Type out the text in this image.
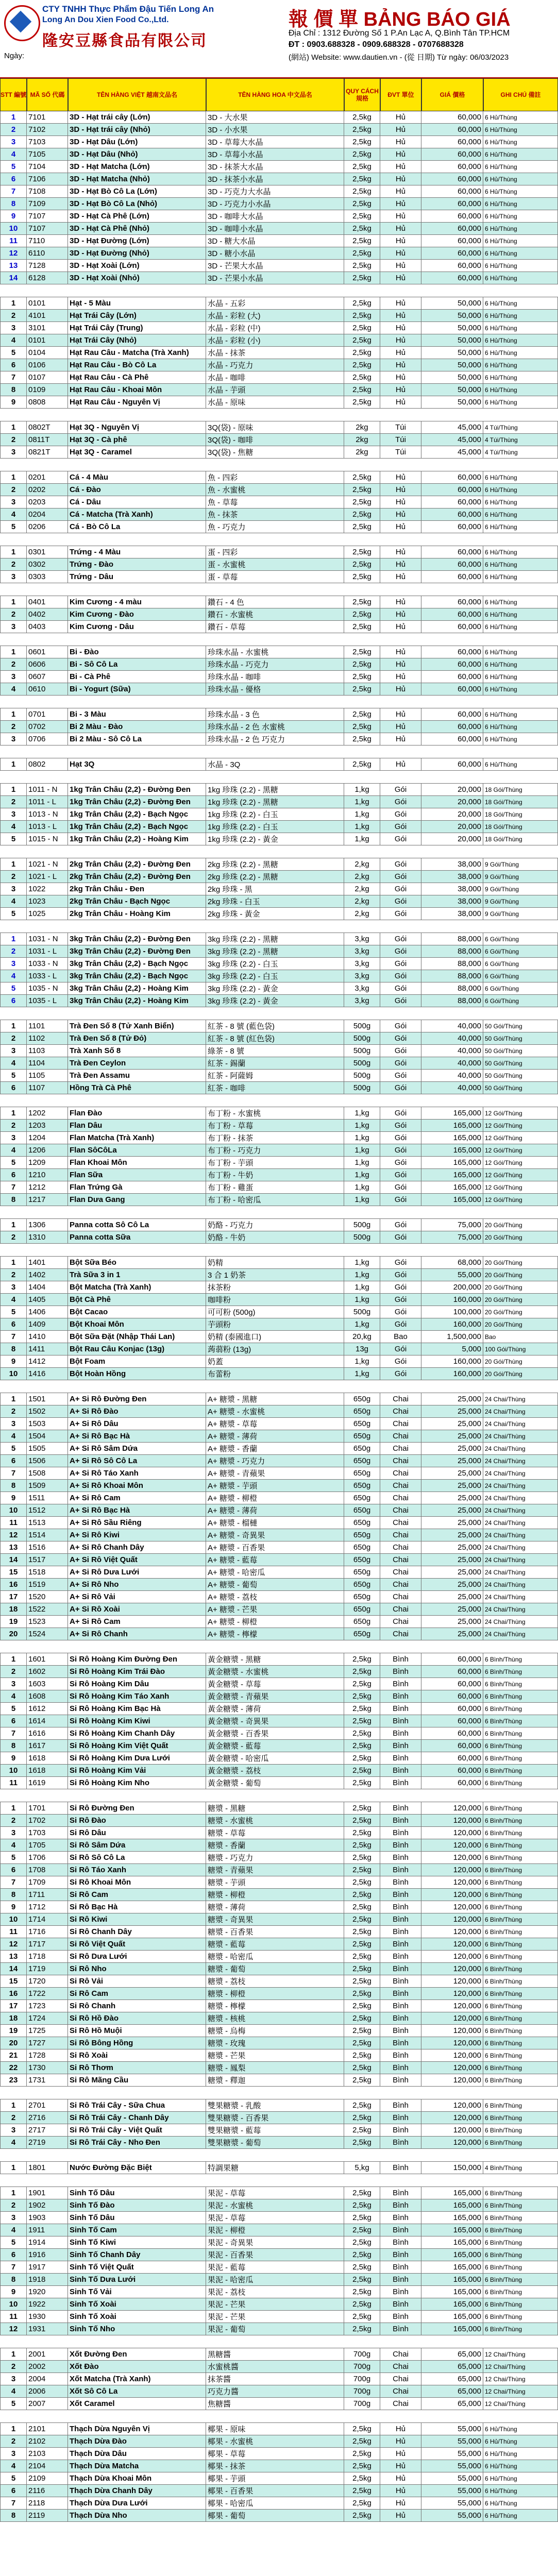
CTY TNHH Thực Phẩm Đậu Tiến Long An
Long An Dou Xien Food Co.,Ltd.
隆安豆縣食品有限公司
報 價 單 BẢNG BÁO GIÁ
Địa Chỉ : 1312 Đường Số 1 P.An Lạc A, Q.Bình Tân TP.HCM
ĐT : 0903.688328 - 0909.688328 - 0707688328
(網站) Website: www.dautien.vn - (從 日期) Từ ngày: 06/03/2023
Ngày:
STT 編號 MÃ SỐ 代碼	TÊN HÀNG VIỆT 越南文品名	TÊN HÀNG HOA 中文品名	QUY CÁCH 規格	ĐVT 單位	GIÁ 價格	GHI CHÚ 備註
1	7101	3D - Hạt trái cây (Lớn)	3D - 大水果	2,5kg	Hủ	60,000 6 Hủ/Thùng
2	7102	3D - Hạt trái cây (Nhỏ)	3D - 小水果	2,5kg	Hủ	60,000 6 Hủ/Thùng
3	7103	3D - Hạt Dâu (Lớn)	3D - 草莓大水晶	2,5kg	Hủ	60,000 6 Hủ/Thùng
4	7105	3D - Hạt Dâu (Nhỏ)	3D - 草莓小水晶	2,5kg	Hủ	60,000 6 Hủ/Thùng
5	7104	3D - Hạt Matcha (Lớn)	3D - 抹茶大水晶	2,5kg	Hủ	60,000 6 Hủ/Thùng
6	7106	3D - Hạt Matcha (Nhỏ)	3D - 抹茶小水晶	2,5kg	Hủ	60,000 6 Hủ/Thùng
7	7108	3D - Hạt Bò Cô La (Lớn)	3D - 巧克力大水晶	2,5kg	Hủ	60,000 6 Hủ/Thùng
8	7109	3D - Hạt Bò Cô La (Nhỏ)	3D - 巧克力小水晶	2,5kg	Hủ	60,000 6 Hủ/Thùng
9	7107	3D - Hạt Cà Phê (Lớn)	3D - 咖啡大水晶	2,5kg	Hủ	60,000 6 Hủ/Thùng
10	7107	3D - Hạt Cà Phê (Nhỏ)	3D - 咖啡小水晶	2,5kg	Hủ	60,000 6 Hủ/Thùng
11	7110	3D - Hạt Đường (Lớn)	3D - 糖大水晶	2,5kg	Hủ	60,000 6 Hủ/Thùng
12	6110	3D - Hạt Đường (Nhỏ)	3D - 糖小水晶	2,5kg	Hủ	60,000 6 Hủ/Thùng
13	7128	3D - Hạt Xoài (Lớn)	3D - 芒果大水晶	2,5kg	Hủ	60,000 6 Hủ/Thùng
14	6128	3D - Hạt Xoài (Nhỏ)	3D - 芒果小水晶	2,5kg	Hủ	60,000 6 Hủ/Thùng
1	0101	Hạt - 5 Màu	水晶 - 五彩	2,5kg	Hủ	50,000 6 Hủ/Thùng
2	4101	Hạt Trái Cây (Lớn)	水晶 - 彩粒 (大)	2,5kg	Hủ	50,000 6 Hủ/Thùng
3	3101	Hạt Trái Cây (Trung)	水晶 - 彩粒 (中)	2,5kg	Hủ	50,000 6 Hủ/Thùng
4	0101	Hạt Trái Cây (Nhỏ)	水晶 - 彩粒 (小)	2,5kg	Hủ	50,000 6 Hủ/Thùng
5	0104	Hạt Rau Câu - Matcha (Trà Xanh)	水晶 - 抹茶	2,5kg	Hủ	50,000 6 Hủ/Thùng
6	0106	Hạt Rau Câu - Bò Cô La	水晶 - 巧克力	2,5kg	Hủ	50,000 6 Hủ/Thùng
7	0107	Hạt Rau Câu - Cà Phê	水晶 - 咖啡	2,5kg	Hủ	50,000 6 Hủ/Thùng
8	0109	Hạt Rau Câu - Khoai Môn	水晶 - 芋頭	2,5kg	Hủ	50,000 6 Hủ/Thùng
9	0808	Hạt Rau Câu - Nguyên Vị	水晶 - 原味	2,5kg	Hủ	50,000 6 Hủ/Thùng
1	0802T	Hạt 3Q - Nguyên Vị	3Q(袋) - 原味	2kg	Túi	45,000 4 Túi/Thùng
2	0811T	Hạt 3Q - Cà phê	3Q(袋) - 咖啡	2kg	Túi	45,000 4 Túi/Thùng
3	0821T	Hạt 3Q - Caramel	3Q(袋) - 焦糖	2kg	Túi	45,000 4 Túi/Thùng
1	0201	Cá - 4 Màu	魚 - 四彩	2,5kg	Hủ	60,000 6 Hủ/Thùng
2	0202	Cá - Đào	魚 - 水蜜桃	2,5kg	Hủ	60,000 6 Hủ/Thùng
3	0203	Cá - Dâu	魚 - 草莓	2,5kg	Hủ	60,000 6 Hủ/Thùng
4	0204	Cá - Matcha (Trà Xanh)	魚 - 抹茶	2,5kg	Hủ	60,000 6 Hủ/Thùng
5	0206	Cá - Bò Cô La	魚 - 巧克力	2,5kg	Hủ	60,000 6 Hủ/Thùng
1	0301	Trứng - 4 Màu	蛋 - 四彩	2,5kg	Hủ	60,000 6 Hủ/Thùng
2	0302	Trứng - Đào	蛋 - 水蜜桃	2,5kg	Hủ	60,000 6 Hủ/Thùng
3	0303	Trứng - Dâu	蛋 - 草莓	2,5kg	Hủ	60,000 6 Hủ/Thùng
1	0401	Kim Cương - 4 màu	鑽石 - 4 色	2,5kg	Hủ	60,000 6 Hủ/Thùng
2	0402	Kim Cương - Đào	鑽石 - 水蜜桃	2,5kg	Hủ	60,000 6 Hủ/Thùng
3	0403	Kim Cương - Dâu	鑽石 - 草莓	2,5kg	Hủ	60,000 6 Hủ/Thùng
1	0601	Bi - Đào	珍珠水晶 - 水蜜桃	2,5kg	Hủ	60,000 6 Hủ/Thùng
2	0606	Bi - Sô Cô La	珍珠水晶 - 巧克力	2,5kg	Hủ	60,000 6 Hủ/Thùng
3	0607	Bi - Cà Phê	珍珠水晶 - 咖啡	2,5kg	Hủ	60,000 6 Hủ/Thùng
4	0610	Bi - Yogurt (Sữa)	珍珠水晶 - 優格	2,5kg	Hủ	60,000 6 Hủ/Thùng
1	0701	Bi - 3 Màu	珍珠水晶 - 3 色	2,5kg	Hủ	60,000 6 Hủ/Thùng
2	0702	Bi 2 Màu - Đào	珍珠水晶 - 2 色 水蜜桃	2,5kg	Hủ	60,000 6 Hủ/Thùng
3	0706	Bi 2 Màu - Sô Cô La	珍珠水晶 - 2 色 巧克力	2,5kg	Hủ	60,000 6 Hủ/Thùng
1	0802	Hạt 3Q	水晶 - 3Q	2,5kg	Hủ	60,000 6 Hủ/Thùng
1	1011 - N	1kg Trân Châu (2,2) - Đường Đen	1kg 珍珠 (2.2) - 黑糖	1,kg	Gói	20,000 18 Gói/Thùng
2	1011 - L	1kg Trân Châu (2,2) - Đường Đen	1kg 珍珠 (2.2) - 黑糖	1,kg	Gói	20,000 18 Gói/Thùng
3	1013 - N	1kg Trân Châu (2,2) - Bạch Ngọc	1kg 珍珠 (2.2) - 白玉	1,kg	Gói	20,000 18 Gói/Thùng
4	1013 - L	1kg Trân Châu (2,2) - Bạch Ngọc	1kg 珍珠 (2.2) - 白玉	1,kg	Gói	20,000 18 Gói/Thùng
5	1015 - N	1kg Trân Châu (2,2) - Hoàng Kim	1kg 珍珠 (2.2) - 黃金	1,kg	Gói	20,000 18 Gói/Thùng
1	1021 - N	2kg Trân Châu (2,2) - Đường Đen	2kg 珍珠 (2.2) - 黑糖	2,kg	Gói	38,000 9 Gói/Thùng
2	1021 - L	2kg Trân Châu (2,2) - Đường Đen	2kg 珍珠 (2.2) - 黑糖	2,kg	Gói	38,000 9 Gói/Thùng
3	1022	2kg Trân Châu - Đen	2kg 珍珠 - 黑	2,kg	Gói	38,000 9 Gói/Thùng
4	1023	2kg Trân Châu - Bạch Ngọc	2kg 珍珠 - 白玉	2,kg	Gói	38,000 9 Gói/Thùng
5	1025	2kg Trân Châu - Hoàng Kim	2kg 珍珠 - 黃金	2,kg	Gói	38,000 9 Gói/Thùng
1	1031 - N	3kg Trân Châu (2,2) - Đường Đen	3kg 珍珠 (2.2) - 黑糖	3,kg	Gói	88,000 6 Gói/Thùng
2	1031 - L	3kg Trân Châu (2,2) - Đường Đen	3kg 珍珠 (2.2) - 黑糖	3,kg	Gói	88,000 6 Gói/Thùng
3	1033 - N	3kg Trân Châu (2,2) - Bạch Ngọc	3kg 珍珠 (2.2) - 白玉	3,kg	Gói	88,000 6 Gói/Thùng
4	1033 - L	3kg Trân Châu (2,2) - Bạch Ngọc	3kg 珍珠 (2.2) - 白玉	3,kg	Gói	88,000 6 Gói/Thùng
5	1035 - N	3kg Trân Châu (2,2) - Hoàng Kim	3kg 珍珠 (2.2) - 黃金	3,kg	Gói	88,000 6 Gói/Thùng
6	1035 - L	3kg Trân Châu (2,2) - Hoàng Kim	3kg 珍珠 (2.2) - 黃金	3,kg	Gói	88,000 6 Gói/Thùng
1	1101	Trà Đen Số 8 (Tử Xanh Biển)	紅茶 - 8 號 (藍色袋)	500g	Gói	40,000 50 Gói/Thùng
2	1102	Trà Đen Số 8 (Tử Đỏ)	紅茶 - 8 號 (紅色袋)	500g	Gói	40,000 50 Gói/Thùng
3	1103	Trà Xanh Số 8	綠茶 - 8 號	500g	Gói	40,000 50 Gói/Thùng
4	1104	Trà Đen Ceylon	紅茶 - 錫蘭	500g	Gói	40,000 50 Gói/Thùng
5	1105	Trà Đen Assamu	紅茶 - 阿薩姆	500g	Gói	40,000 50 Gói/Thùng
6	1107	Hồng Trà Cà Phê	紅茶 - 咖啡	500g	Gói	40,000 50 Gói/Thùng
1	1202	Flan Đào	布丁粉 - 水蜜桃	1,kg	Gói	165,000 12 Gói/Thùng
2	1203	Flan Dâu	布丁粉 - 草莓	1,kg	Gói	165,000 12 Gói/Thùng
3	1204	Flan Matcha (Trà Xanh)	布丁粉 - 抹茶	1,kg	Gói	165,000 12 Gói/Thùng
4	1206	Flan SôCôLa	布丁粉 - 巧克力	1,kg	Gói	165,000 12 Gói/Thùng
5	1209	Flan Khoai Môn	布丁粉 - 芋頭	1,kg	Gói	165,000 12 Gói/Thùng
6	1210	Flan Sữa	布丁粉 - 牛奶	1,kg	Gói	165,000 12 Gói/Thùng
7	1212	Flan Trứng Gà	布丁粉 - 雞蛋	1,kg	Gói	165,000 12 Gói/Thùng
8	1217	Flan Dưa Gang	布丁粉 - 哈密瓜	1,kg	Gói	165,000 12 Gói/Thùng
1	1306	Panna cotta Sô Cô La	奶酪 - 巧克力	500g	Gói	75,000 20 Gói/Thùng
2	1310	Panna cotta Sữa	奶酪 - 牛奶	500g	Gói	75,000 20 Gói/Thùng
1	1401	Bột Sữa Béo	奶精	1,kg	Gói	68,000 20 Gói/Thùng
2	1402	Trà Sữa 3 in 1	3 合 1 奶茶	1,kg	Gói	55,000 20 Gói/Thùng
3	1404	Bột Matcha (Trà Xanh)	抹茶粉	1,kg	Gói	200,000 20 Gói/Thùng
4	1405	Bột Cà Phê	咖啡粉	1,kg	Gói	160,000 20 Gói/Thùng
5	1406	Bột Cacao	可可粉 (500g)	500g	Gói	100,000 20 Gói/Thùng
6	1409	Bột Khoai Môn	芋頭粉	1,kg	Gói	160,000 20 Gói/Thùng
7	1410	Bột Sữa Đặt (Nhập Thái Lan)	奶精 (泰國進口)	20,kg	Bao	1,500,000 Bao
8	1411	Bột Rau Câu Konjac (13g)	蒟蒻粉 (13g)	13g	Gói	5,000 100 Gói/Thùng
9	1412	Bột Foam	奶蓋	1,kg	Gói	160,000 20 Gói/Thùng
10	1416	Bột Hoàn Hồng	布蕾粉	1,kg	Gói	160,000 20 Gói/Thùng
1	1501	A+ Si Rô Đường Đen	A+ 糖漿 - 黑糖	650g	Chai	25,000 24 Chai/Thùng
2	1502	A+ Si Rô Đào	A+ 糖漿 - 水蜜桃	650g	Chai	25,000 24 Chai/Thùng
3	1503	A+ Si Rô Dâu	A+ 糖漿 - 草莓	650g	Chai	25,000 24 Chai/Thùng
4	1504	A+ Si Rô Bạc Hà	A+ 糖漿 - 薄荷	650g	Chai	25,000 24 Chai/Thùng
5	1505	A+ Si Rô Sâm Dứa	A+ 糖漿 - 香蘭	650g	Chai	25,000 24 Chai/Thùng
6	1506	A+ Si Rô Sô Cô La	A+ 糖漿 - 巧克力	650g	Chai	25,000 24 Chai/Thùng
7	1508	A+ Si Rô Táo Xanh	A+ 糖漿 - 青蘋果	650g	Chai	25,000 24 Chai/Thùng
8	1509	A+ Si Rô Khoai Môn	A+ 糖漿 - 芋頭	650g	Chai	25,000 24 Chai/Thùng
9	1511	A+ Si Rô Cam	A+ 糖漿 - 柳橙	650g	Chai	25,000 24 Chai/Thùng
10	1512	A+ Si Rô Bạc Hà	A+ 糖漿 - 薄荷	650g	Chai	25,000 24 Chai/Thùng
11	1513	A+ Si Rô Sầu Riêng	A+ 糖漿 - 榴槤	650g	Chai	25,000 24 Chai/Thùng
12	1514	A+ Si Rô Kiwi	A+ 糖漿 - 奇異果	650g	Chai	25,000 24 Chai/Thùng
13	1516	A+ Si Rô Chanh Dây	A+ 糖漿 - 百香果	650g	Chai	25,000 24 Chai/Thùng
14	1517	A+ Si Rô Việt Quất	A+ 糖漿 - 藍莓	650g	Chai	25,000 24 Chai/Thùng
15	1518	A+ Si Rô Dưa Lưới	A+ 糖漿 - 哈密瓜	650g	Chai	25,000 24 Chai/Thùng
16	1519	A+ Si Rô Nho	A+ 糖漿 - 葡萄	650g	Chai	25,000 24 Chai/Thùng
17	1520	A+ Si Rô Vải	A+ 糖漿 - 荔枝	650g	Chai	25,000 24 Chai/Thùng
18	1522	A+ Si Rô Xoài	A+ 糖漿 - 芒果	650g	Chai	25,000 24 Chai/Thùng
19	1523	A+ Si Rô Cam	A+ 糖漿 - 柳橙	650g	Chai	25,000 24 Chai/Thùng
20	1524	A+ Si Rô Chanh	A+ 糖漿 - 檸檬	650g	Chai	25,000 24 Chai/Thùng
1	1601	Si Rô Hoàng Kim Đường Đen	黃金糖漿 - 黑糖	2,5kg	Bình	60,000 6 Bình/Thùng
2	1602	Si Rô Hoàng Kim Trái Đào	黃金糖漿 - 水蜜桃	2,5kg	Bình	60,000 6 Bình/Thùng
3	1603	Si Rô Hoàng Kim Dâu	黃金糖漿 - 草莓	2,5kg	Bình	60,000 6 Bình/Thùng
4	1608	Si Rô Hoàng Kim Táo Xanh	黃金糖漿 - 青蘋果	2,5kg	Bình	60,000 6 Bình/Thùng
5	1612	Si Rô Hoàng Kim Bạc Hà	黃金糖漿 - 薄荷	2,5kg	Bình	60,000 6 Bình/Thùng
6	1614	Si Rô Hoàng Kim Kiwi	黃金糖漿 - 奇異果	2,5kg	Bình	60,000 6 Bình/Thùng
7	1616	Si Rô Hoàng Kim Chanh Dây	黃金糖漿 - 百香果	2,5kg	Bình	60,000 6 Bình/Thùng
8	1617	Si Rô Hoàng Kim Việt Quất	黃金糖漿 - 藍莓	2,5kg	Bình	60,000 6 Bình/Thùng
9	1618	Si Rô Hoàng Kim Dưa Lưới	黃金糖漿 - 哈密瓜	2,5kg	Bình	60,000 6 Bình/Thùng
10	1618	Si Rô Hoàng Kim Vải	黃金糖漿 - 荔枝	2,5kg	Bình	60,000 6 Bình/Thùng
11	1619	Si Rô Hoàng Kim Nho	黃金糖漿 - 葡萄	2,5kg	Bình	60,000 6 Bình/Thùng
1	1701	Si Rô Đường Đen	糖漿 - 黑糖	2,5kg	Bình	120,000 6 Bình/Thùng
2	1702	Si Rô Đào	糖漿 - 水蜜桃	2,5kg	Bình	120,000 6 Bình/Thùng
3	1703	Si Rô Dâu	糖漿 - 草莓	2,5kg	Bình	120,000 6 Bình/Thùng
4	1705	Si Rô Sâm Dứa	糖漿 - 香蘭	2,5kg	Bình	120,000 6 Bình/Thùng
5	1706	Si Rô Sô Cô La	糖漿 - 巧克力	2,5kg	Bình	120,000 6 Bình/Thùng
6	1708	Si Rô Táo Xanh	糖漿 - 青蘋果	2,5kg	Bình	120,000 6 Bình/Thùng
7	1709	Si Rô Khoai Môn	糖漿 - 芋頭	2,5kg	Bình	120,000 6 Bình/Thùng
8	1711	Si Rô Cam	糖漿 - 柳橙	2,5kg	Bình	120,000 6 Bình/Thùng
9	1712	Si Rô Bạc Hà	糖漿 - 薄荷	2,5kg	Bình	120,000 6 Bình/Thùng
10	1714	Si Rô Kiwi	糖漿 - 奇異果	2,5kg	Bình	120,000 6 Bình/Thùng
11	1716	Si Rô Chanh Dây	糖漿 - 百香果	2,5kg	Bình	120,000 6 Bình/Thùng
12	1717	Si Rô Việt Quất	糖漿 - 藍莓	2,5kg	Bình	120,000 6 Bình/Thùng
13	1718	Si Rô Dưa Lưới	糖漿 - 哈密瓜	2,5kg	Bình	120,000 6 Bình/Thùng
14	1719	Si Rô Nho	糖漿 - 葡萄	2,5kg	Bình	120,000 6 Bình/Thùng
15	1720	Si Rô Vải	糖漿 - 荔枝	2,5kg	Bình	120,000 6 Bình/Thùng
16	1722	Si Rô Cam	糖漿 - 柳橙	2,5kg	Bình	120,000 6 Bình/Thùng
17	1723	Si Rô Chanh	糖漿 - 檸檬	2,5kg	Bình	120,000 6 Bình/Thùng
18	1724	Si Rô Hồ Đào	糖漿 - 核桃	2,5kg	Bình	120,000 6 Bình/Thùng
19	1725	Si Rô Hồ Muội	糖漿 - 烏梅	2,5kg	Bình	120,000 6 Bình/Thùng
20	1727	Si Rô Bông Hồng	糖漿 - 玫瑰	2,5kg	Bình	120,000 6 Bình/Thùng
21	1728	Si Rô Xoài	糖漿 - 芒果	2,5kg	Bình	120,000 6 Bình/Thùng
22	1730	Si Rô Thơm	糖漿 - 鳳梨	2,5kg	Bình	120,000 6 Bình/Thùng
23	1731	Si Rô Mãng Cầu	糖漿 - 釋迦	2,5kg	Bình	120,000 6 Bình/Thùng
1	2701	Si Rô Trái Cây - Sữa Chua	雙果糖漿 - 乳酸	2,5kg	Bình	120,000 6 Bình/Thùng
2	2716	Si Rô Trái Cây - Chanh Dây	雙果糖漿 - 百香果	2,5kg	Bình	120,000 6 Bình/Thùng
3	2717	Si Rô Trái Cây - Việt Quất	雙果糖漿 - 藍莓	2,5kg	Bình	120,000 6 Bình/Thùng
4	2719	Si Rô Trái Cây - Nho Đen	雙果糖漿 - 葡萄	2,5kg	Bình	120,000 6 Bình/Thùng
1	1801	Nước Đường Đặc Biệt	特調果糖	5,kg	Bình	150,000 4 Bình/Thùng
1	1901	Sinh Tố Dâu	果泥 - 草莓	2,5kg	Bình	165,000 6 Bình/Thùng
2	1902	Sinh Tố Đào	果泥 - 水蜜桃	2,5kg	Bình	165,000 6 Bình/Thùng
3	1903	Sinh Tố Dâu	果泥 - 草莓	2,5kg	Bình	165,000 6 Bình/Thùng
4	1911	Sinh Tố Cam	果泥 - 柳橙	2,5kg	Bình	165,000 6 Bình/Thùng
5	1914	Sinh Tố Kiwi	果泥 - 奇異果	2,5kg	Bình	165,000 6 Bình/Thùng
6	1916	Sinh Tố Chanh Dây	果泥 - 百香果	2,5kg	Bình	165,000 6 Bình/Thùng
7	1917	Sinh Tố Việt Quất	果泥 - 藍莓	2,5kg	Bình	165,000 6 Bình/Thùng
8	1918	Sinh Tố Dưa Lưới	果泥 - 哈密瓜	2,5kg	Bình	165,000 6 Bình/Thùng
9	1920	Sinh Tố Vải	果泥 - 荔枝	2,5kg	Bình	165,000 6 Bình/Thùng
10	1922	Sinh Tố Xoài	果泥 - 芒果	2,5kg	Bình	165,000 6 Bình/Thùng
11	1930	Sinh Tố Xoài	果泥 - 芒果	2,5kg	Bình	165,000 6 Bình/Thùng
12	1931	Sinh Tố Nho	果泥 - 葡萄	2,5kg	Bình	165,000 6 Bình/Thùng
1	2001	Xốt Đường Đen	黑糖醬	700g	Chai	65,000 12 Chai/Thùng
2	2002	Xốt Đào	水蜜桃醬	700g	Chai	65,000 12 Chai/Thùng
3	2004	Xốt Matcha (Trà Xanh)	抹茶醬	700g	Chai	65,000 12 Chai/Thùng
4	2006	Xốt Sô Cô La	巧克力醬	700g	Chai	65,000 12 Chai/Thùng
5	2007	Xốt Caramel	焦糖醬	700g	Chai	65,000 12 Chai/Thùng
1	2101	Thạch Dừa Nguyên Vị	椰果 - 原味	2,5kg	Hủ	55,000 6 Hủ/Thùng
2	2102	Thạch Dừa Đào	椰果 - 水蜜桃	2,5kg	Hủ	55,000 6 Hủ/Thùng
3	2103	Thạch Dừa Dâu	椰果 - 草莓	2,5kg	Hủ	55,000 6 Hủ/Thùng
4	2104	Thạch Dừa Matcha	椰果 - 抹茶	2,5kg	Hủ	55,000 6 Hủ/Thùng
5	2109	Thạch Dừa Khoai Môn	椰果 - 芋頭	2,5kg	Hủ	55,000 6 Hủ/Thùng
6	2116	Thạch Dừa Chanh Dây	椰果 - 百香果	2,5kg	Hủ	55,000 6 Hủ/Thùng
7	2118	Thạch Dừa Dưa Lưới	椰果 - 哈密瓜	2,5kg	Hủ	55,000 6 Hủ/Thùng
8	2119	Thạch Dừa Nho	椰果 - 葡萄	2,5kg	Hủ	55,000 6 Hủ/Thùng
